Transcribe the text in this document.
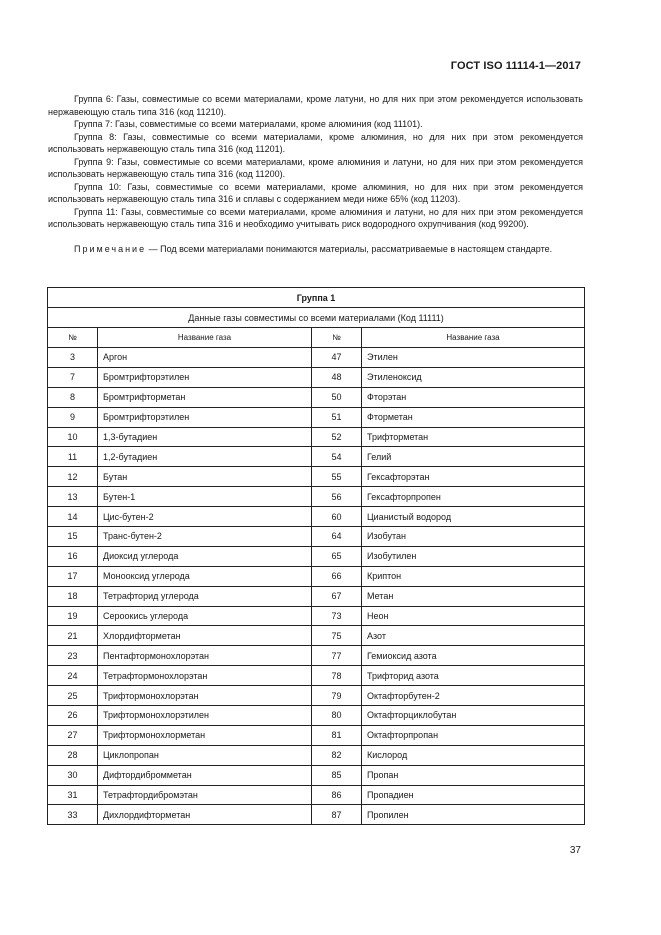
ГОСТ ISO 11114-1—2017

Группа 6: Газы, совместимые со всеми материалами, кроме латуни, но для них при этом рекомендуется использовать нержавеющую сталь типа 316 (код 11210).

Группа 7: Газы, совместимые со всеми материалами, кроме алюминия (код 11101).

Группа 8: Газы, совместимые со всеми материалами, кроме алюминия, но для них при этом рекомендуется использовать нержавеющую сталь типа 316 (код 11201).

Группа 9: Газы, совместимые со всеми материалами, кроме алюминия и латуни, но для них при этом рекомендуется использовать нержавеющую сталь типа 316 (код 11200).

Группа 10: Газы, совместимые со всеми материалами, кроме алюминия, но для них при этом рекомендуется использовать нержавеющую сталь типа 316 и сплавы с содержанием меди ниже 65% (код 11203).

Группа 11: Газы, совместимые со всеми материалами, кроме алюминия и латуни, но для них при этом рекомендуется использовать нержавеющую сталь типа 316 и необходимо учитывать риск водородного охрупчивания (код 99200).

Примечание — Под всеми материалами понимаются материалы, рассматриваемые в настоящем стандарте.
Группа 1			
Данные газы совместимы со всеми материалами (Код 11111)			
№	Название газа	№	Название газа
3	Аргон	47	Этилен
7	Бромтрифторэтилен	48	Этиленоксид
8	Бромтрифторметан	50	Фторэтан
9	Бромтрифторэтилен	51	Фторметан
10	1,3-бутадиен	52	Трифторметан
11	1,2-бутадиен	54	Гелий
12	Бутан	55	Гексафторэтан
13	Бутен-1	56	Гексафторпропен
14	Цис-бутен-2	60	Цианистый водород
15	Транс-бутен-2	64	Изобутан
16	Диоксид углерода	65	Изобутилен
17	Монооксид углерода	66	Криптон
18	Тетрафторид углерода	67	Метан
19	Сероокись углерода	73	Неон
21	Хлордифторметан	75	Азот
23	Пентафтормонохлорэтан	77	Гемиоксид азота
24	Тетрафтормонохлорэтан	78	Трифторид азота
25	Трифтормонохлорэтан	79	Октафторбутен-2
26	Трифтормонохлорэтилен	80	Октафторциклобутан
27	Трифтормонохлорметан	81	Октафторпропан
28	Циклопропан	82	Кислород
30	Дифтордибромметан	85	Пропан
31	Тетрафтордибромэтан	86	Пропадиен
33	Дихлордифторметан	87	Пропилен
37
